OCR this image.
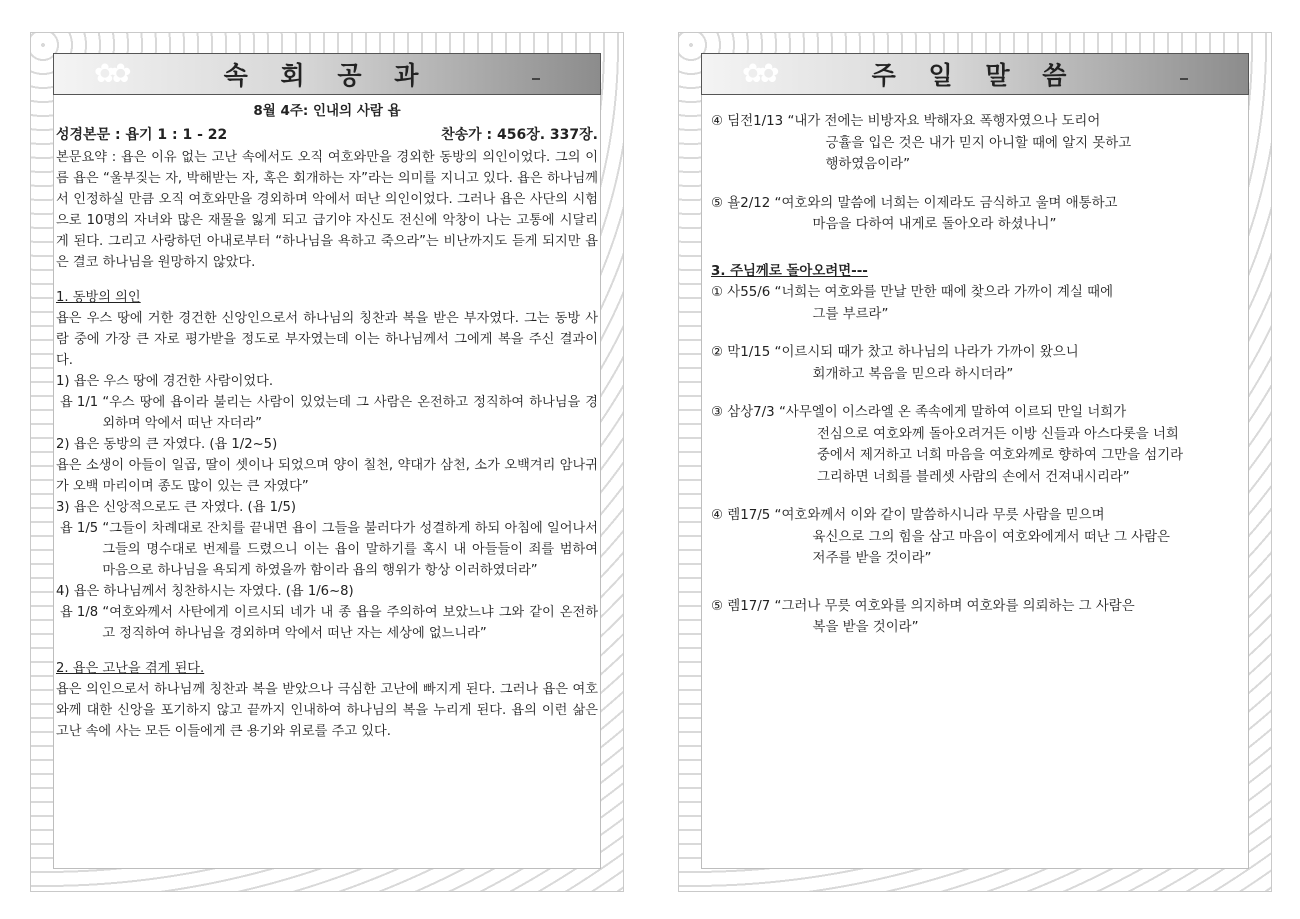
✿✿	속 회 공 과
8월 4주: 인내의 사람 욥
성경본문 : 욥기 1 : 1 - 22	찬송가 : 456장. 337장.

본문요약 : 욥은 이유 없는 고난 속에서도 오직 여호와만을 경외한 동방의 의인이었다. 그의 이름 욥은 “울부짖는 자, 박해받는 자, 혹은 회개하는 자”라는 의미를 지니고 있다. 욥은 하나님께서 인정하실 만큼 오직 여호와만을 경외하며 악에서 떠난 의인이었다. 그러나 욥은 사단의 시험으로 10명의 자녀와 많은 재물을 잃게 되고 급기야 자신도 전신에 악창이 나는 고통에 시달리게 된다. 그리고 사랑하던 아내로부터 “하나님을 욕하고 죽으라”는 비난까지도 듣게 되지만 욥은 결코 하나님을 원망하지 않았다.

1. 동방의 의인

욥은 우스 땅에 거한 경건한 신앙인으로서 하나님의 칭찬과 복을 받은 부자였다. 그는 동방 사람 중에 가장 큰 자로 평가받을 정도로 부자였는데 이는 하나님께서 그에게 복을 주신 결과이다.

1) 욥은 우스 땅에 경건한 사람이었다.

욥 1/1 “우스 땅에 욥이라 불리는 사람이 있었는데 그 사람은 온전하고 정직하여 하나님을 경외하며 악에서 떠난 자더라”

2) 욥은 동방의 큰 자였다. (욥 1/2~5)

욥은 소생이 아들이 일곱, 딸이 셋이나 되었으며 양이 칠천, 약대가 삼천, 소가 오백겨리 암나귀가 오백 마리이며 종도 많이 있는 큰 자였다”

3) 욥은 신앙적으로도 큰 자였다. (욥 1/5)

욥 1/5 “그들이 차례대로 잔치를 끝내면 욥이 그들을 불러다가 성결하게 하되 아침에 일어나서 그들의 명수대로 번제를 드렸으니 이는 욥이 말하기를 혹시 내 아들들이 죄를 범하여 마음으로 하나님을 욕되게 하였을까 함이라 욥의 행위가 항상 이러하였더라”

4) 욥은 하나님께서 칭찬하시는 자였다. (욥 1/6~8)

욥 1/8 “여호와께서 사탄에게 이르시되 네가 내 종 욥을 주의하여 보았느냐 그와 같이 온전하고 정직하여 하나님을 경외하며 악에서 떠난 자는 세상에 없느니라”

2. 욥은 고난을 겪게 된다.

욥은 의인으로서 하나님께 칭찬과 복을 받았으나 극심한 고난에 빠지게 된다. 그러나 욥은 여호와께 대한 신앙을 포기하지 않고 끝까지 인내하여 하나님의 복을 누리게 된다. 욥의 이런 삶은 고난 속에 사는 모든 이들에게 큰 용기와 위로를 주고 있다.

✿✿	주 일 말 씀
④ 딤전1/13 “내가 전에는 비방자요 박해자요 폭행자였으나 도리어
긍휼을 입은 것은 내가 믿지 아니할 때에 알지 못하고
행하였음이라”
⑤ 욜2/12 “여호와의 말씀에 너희는 이제라도 금식하고 울며 애통하고
마음을 다하여 내게로 돌아오라 하셨나니”

3. 주님께로 돌아오려면---

① 사55/6 “너희는 여호와를 만날 만한 때에 찾으라 가까이 계실 때에
그를 부르라”
② 막1/15 “이르시되 때가 찼고 하나님의 나라가 가까이 왔으니
회개하고 복음을 믿으라 하시더라”
③ 삼상7/3 “사무엘이 이스라엘 온 족속에게 말하여 이르되 만일 너희가
전심으로 여호와께 돌아오려거든 이방 신들과 아스다롯을 너희
중에서 제거하고 너희 마음을 여호와께로 향하여 그만을 섬기라
그리하면 너희를 블레셋 사람의 손에서 건져내시리라”
④ 렘17/5 “여호와께서 이와 같이 말씀하시니라 무릇 사람을 믿으며
육신으로 그의 힘을 삼고 마음이 여호와에게서 떠난 그 사람은
저주를 받을 것이라”
⑤ 렘17/7 “그러나 무릇 여호와를 의지하며 여호와를 의뢰하는 그 사람은
복을 받을 것이라”
